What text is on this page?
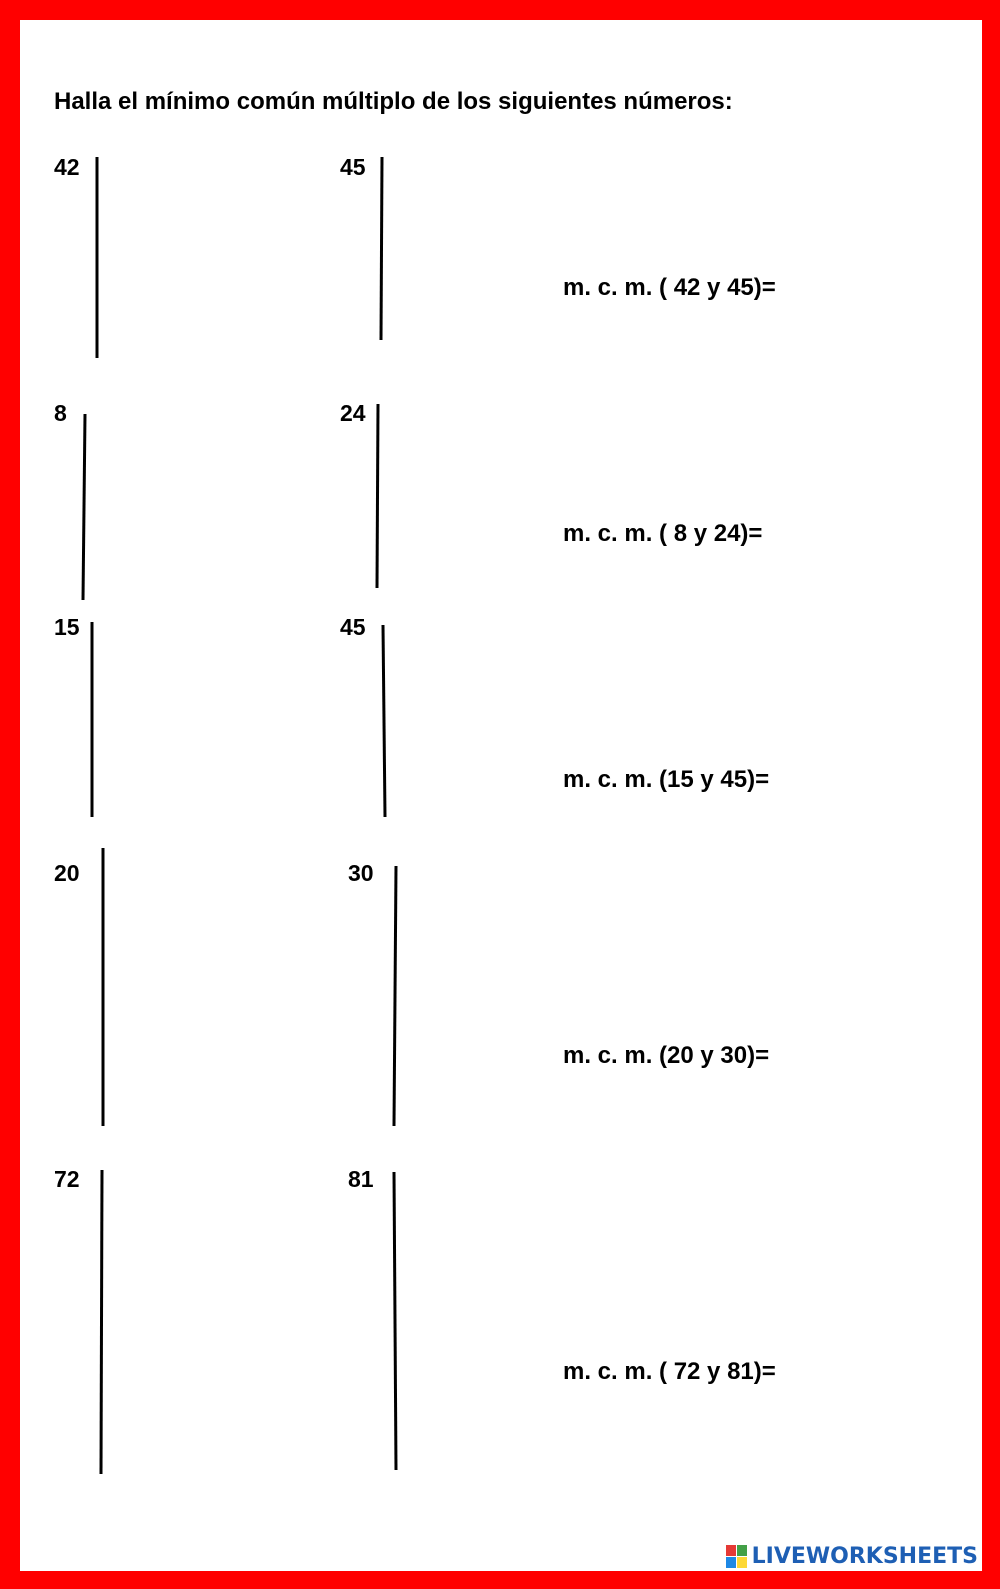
Halla el mínimo común múltiplo de los siguientes números:
42	45
m. c. m. ( 42 y 45)=
8	24
m. c. m. ( 8 y 24)=
15	45
m. c. m. (15 y 45)=
20	30
m. c. m. (20 y 30)=
72	81
m. c. m. ( 72 y 81)=
LIVEWORKSHEETS
